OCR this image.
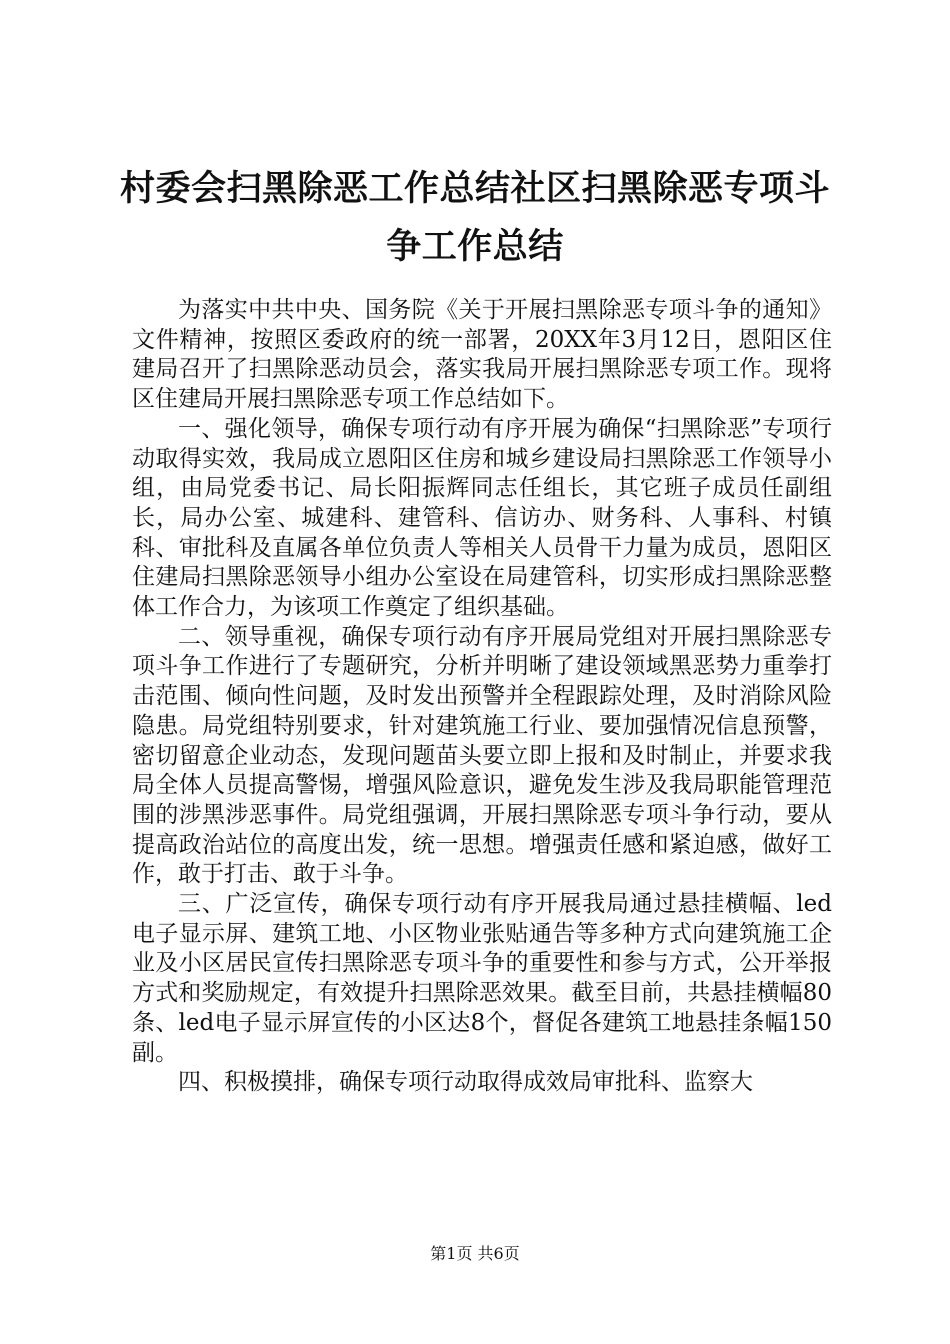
村委会扫黑除恶工作总结社区扫黑除恶专项斗
争工作总结

为落实中共中央、国务院《关于开展扫黑除恶专项斗争的通知》文件精神，按照区委政府的统一部署，20XX年3月12日，恩阳区住建局召开了扫黑除恶动员会，落实我局开展扫黑除恶专项工作。现将区住建局开展扫黑除恶专项工作总结如下。

一、强化领导，确保专项行动有序开展为确保“扫黑除恶”专项行动取得实效，我局成立恩阳区住房和城乡建设局扫黑除恶工作领导小组，由局党委书记、局长阳振辉同志任组长，其它班子成员任副组长，局办公室、城建科、建管科、信访办、财务科、人事科、村镇科、审批科及直属各单位负责人等相关人员骨干力量为成员，恩阳区住建局扫黑除恶领导小组办公室设在局建管科，切实形成扫黑除恶整体工作合力，为该项工作奠定了组织基础。

二、领导重视，确保专项行动有序开展局党组对开展扫黑除恶专项斗争工作进行了专题研究，分析并明晰了建设领域黑恶势力重拳打击范围、倾向性问题，及时发出预警并全程跟踪处理，及时消除风险隐患。局党组特别要求，针对建筑施工行业、要加强情况信息预警，密切留意企业动态，发现问题苗头要立即上报和及时制止，并要求我局全体人员提高警惕，增强风险意识，避免发生涉及我局职能管理范围的涉黑涉恶事件。局党组强调，开展扫黑除恶专项斗争行动，要从提高政治站位的高度出发，统一思想。增强责任感和紧迫感，做好工作，敢于打击、敢于斗争。

三、广泛宣传，确保专项行动有序开展我局通过悬挂横幅、led电子显示屏、建筑工地、小区物业张贴通告等多种方式向建筑施工企业及小区居民宣传扫黑除恶专项斗争的重要性和参与方式，公开举报方式和奖励规定，有效提升扫黑除恶效果。截至目前，共悬挂横幅80条、led电子显示屏宣传的小区达8个，督促各建筑工地悬挂条幅150副。

四、积极摸排，确保专项行动取得成效局审批科、监察大

第1页 共6页
